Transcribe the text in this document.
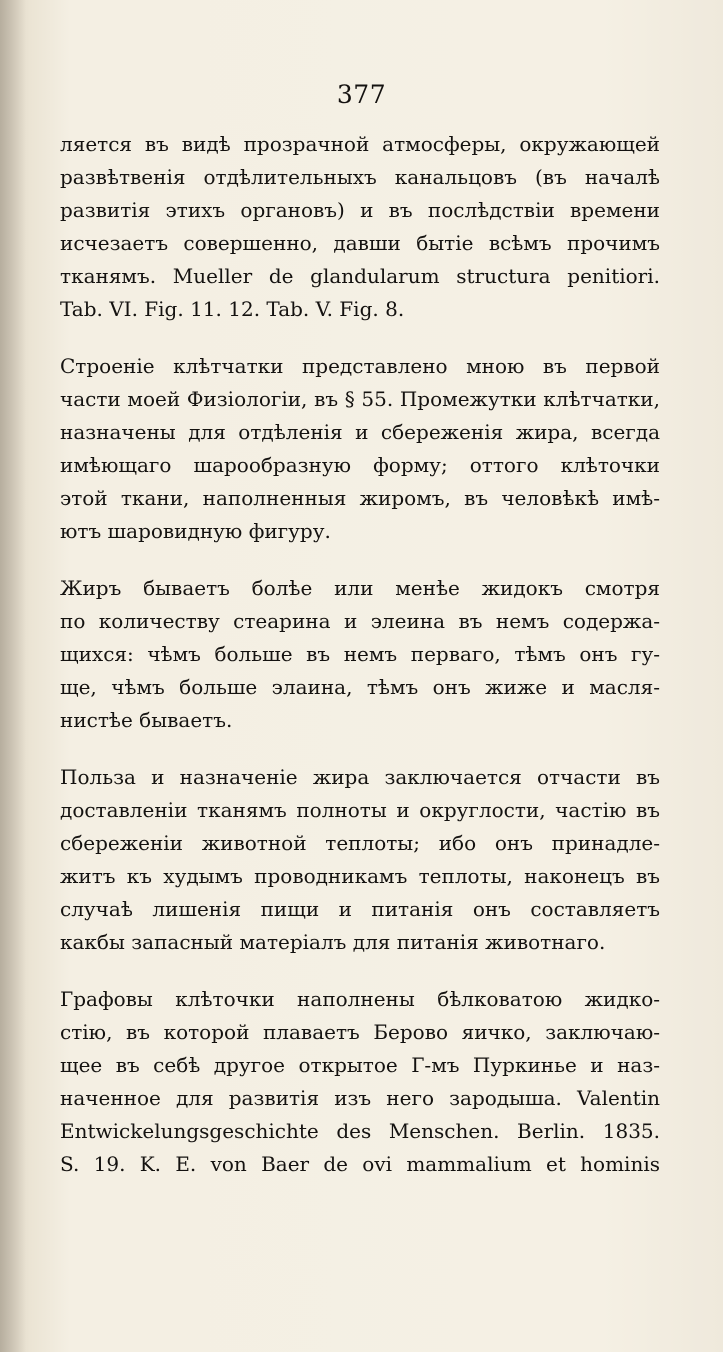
377

ляется въ видѣ прозрачной атмосферы, окружающей
развѣтвенія отдѣлительныхъ канальцовъ (въ началѣ
развитія этихъ органовъ) и въ послѣдствіи времени
исчезаетъ совершенно, давши бытіе всѣмъ прочимъ
тканямъ. Mueller de glandularum structura penitiori.
Tab. VI. Fig. 11. 12. Tab. V. Fig. 8.

Строеніе клѣтчатки представлено мною въ первой
части моей Физіологіи, въ § 55. Промежутки клѣтчатки,
назначены для отдѣленія и сбереженія жира, всегда
имѣющаго шарообразную форму; оттого клѣточки
этой ткани, наполненныя жиромъ, въ человѣкѣ имѣ-
ютъ шаровидную фигуру.

Жиръ бываетъ болѣе или менѣе жидокъ смотря
по количеству стеарина и элеина въ немъ содержа-
щихся: чѣмъ больше въ немъ перваго, тѣмъ онъ гу-
ще, чѣмъ больше элаина, тѣмъ онъ жиже и масля-
нистѣе бываетъ.

Польза и назначеніе жира заключается отчасти въ
доставленіи тканямъ полноты и округлости, частію въ
сбереженіи животной теплоты; ибо онъ принадле-
житъ къ худымъ проводникамъ теплоты, наконецъ въ
случаѣ лишенія пищи и питанія онъ составляетъ
какбы запасный матеріалъ для питанія животнаго.

Графовы клѣточки наполнены бѣлковатою жидко-
стію, въ которой плаваетъ Берово яичко, заключаю-
щее въ себѣ другое открытое Г-мъ Пуркинье и наз-
наченное для развитія изъ него зародыша. Valentin
Entwickelungsgeschichte des Menschen. Berlin. 1835.
S. 19. K. E. von Baer de ovi mammalium et hominis
